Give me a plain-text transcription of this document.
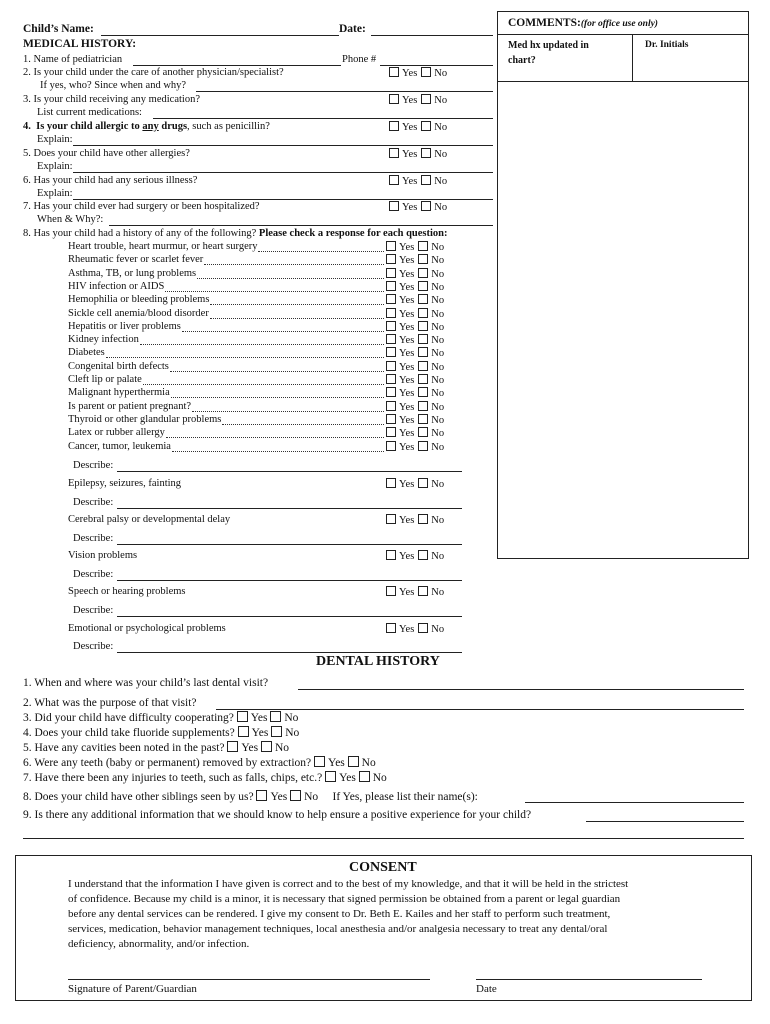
Child’s Name:	Date:
MEDICAL HISTORY:
COMMENTS:(for office use only)
Med hx updated in
chart?
Dr. Initials
1. Name of pediatrician	Phone #
2. Is your child under the care of another physician/specialist?	Yes No
If yes, who? Since when and why?
3. Is your child receiving any medication?	Yes No
List current medications:
4. Is your child allergic to any drugs, such as penicillin?	Yes No
Explain:
5. Does your child have other allergies?	Yes No
Explain:
6. Has your child had any serious illness?	Yes No
Explain:
7. Has your child ever had surgery or been hospitalized?	Yes No
When & Why?:
8. Has your child had a history of any of the following? Please check a response for each question:
Heart trouble, heart murmur, or heart surgery	Yes No
Rheumatic fever or scarlet fever	Yes No
Asthma, TB, or lung problems	Yes No
HIV infection or AIDS	Yes No
Hemophilia or bleeding problems	Yes No
Sickle cell anemia/blood disorder	Yes No
Hepatitis or liver problems	Yes No
Kidney infection	Yes No
Diabetes	Yes No
Congenital birth defects	Yes No
Cleft lip or palate	Yes No
Malignant hyperthermia	Yes No
Is parent or patient pregnant?	Yes No
Thyroid or other glandular problems	Yes No
Latex or rubber allergy	Yes No
Cancer, tumor, leukemia	Yes No
Describe:
Epilepsy, seizures, fainting	Yes No
Describe:
Cerebral palsy or developmental delay	Yes No
Describe:
Vision problems	Yes No
Describe:
Speech or hearing problems	Yes No
Describe:
Emotional or psychological problems	Yes No
Describe:
DENTAL HISTORY
1. When and where was your child’s last dental visit?
2. What was the purpose of that visit?
3. Did your child have difficulty cooperating? Yes No
4. Does your child take fluoride supplements? Yes No
5. Have any cavities been noted in the past? Yes No
6. Were any teeth (baby or permanent) removed by extraction? Yes No
7. Have there been any injuries to teeth, such as falls, chips, etc.? Yes No
8. Does your child have other siblings seen by us? Yes No If Yes, please list their name(s):
9. Is there any additional information that we should know to help ensure a positive experience for your child?
CONSENT
I understand that the information I have given is correct and to the best of my knowledge, and that it will be held in the strictest
of confidence. Because my child is a minor, it is necessary that signed permission be obtained from a parent or legal guardian
before any dental services can be rendered. I give my consent to Dr. Beth E. Kailes and her staff to perform such treatment,
services, medication, behavior management techniques, local anesthesia and/or analgesia necessary to treat any dental/oral
deficiency, abnormality, and/or infection.
Signature of Parent/Guardian	Date
